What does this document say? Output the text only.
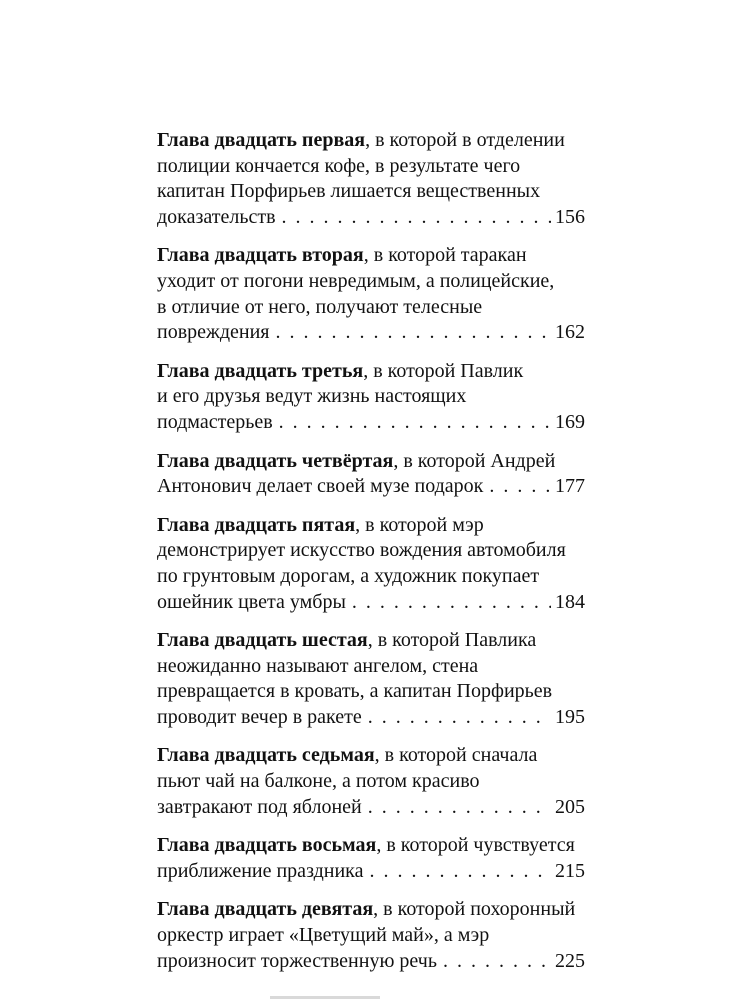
Глава двадцать первая, в которой в отделении
полиции кончается кофе, в результате чего
капитан Порфирьев лишается вещественных
доказательств . . .	156
Глава двадцать вторая, в которой таракан
уходит от погони невредимым, а полицейские,
в отличие от него, получают телесные
повреждения . . .	162
Глава двадцать третья, в которой Павлик
и его друзья ведут жизнь настоящих
подмастерьев . . .	169
Глава двадцать четвёртая, в которой Андрей
Антонович делает своей музе подарок . . .	177
Глава двадцать пятая, в которой мэр
демонстрирует искусство вождения автомобиля
по грунтовым дорогам, а художник покупает
ошейник цвета умбры . . .	184
Глава двадцать шестая, в которой Павлика
неожиданно называют ангелом, стена
превращается в кровать, а капитан Порфирьев
проводит вечер в ракете . . .	195
Глава двадцать седьмая, в которой сначала
пьют чай на балконе, а потом красиво
завтракают под яблоней . . .	205
Глава двадцать восьмая, в которой чувствуется
приближение праздника . . .	215
Глава двадцать девятая, в которой похоронный
оркестр играет «Цветущий май», а мэр
произносит торжественную речь . . .	225
